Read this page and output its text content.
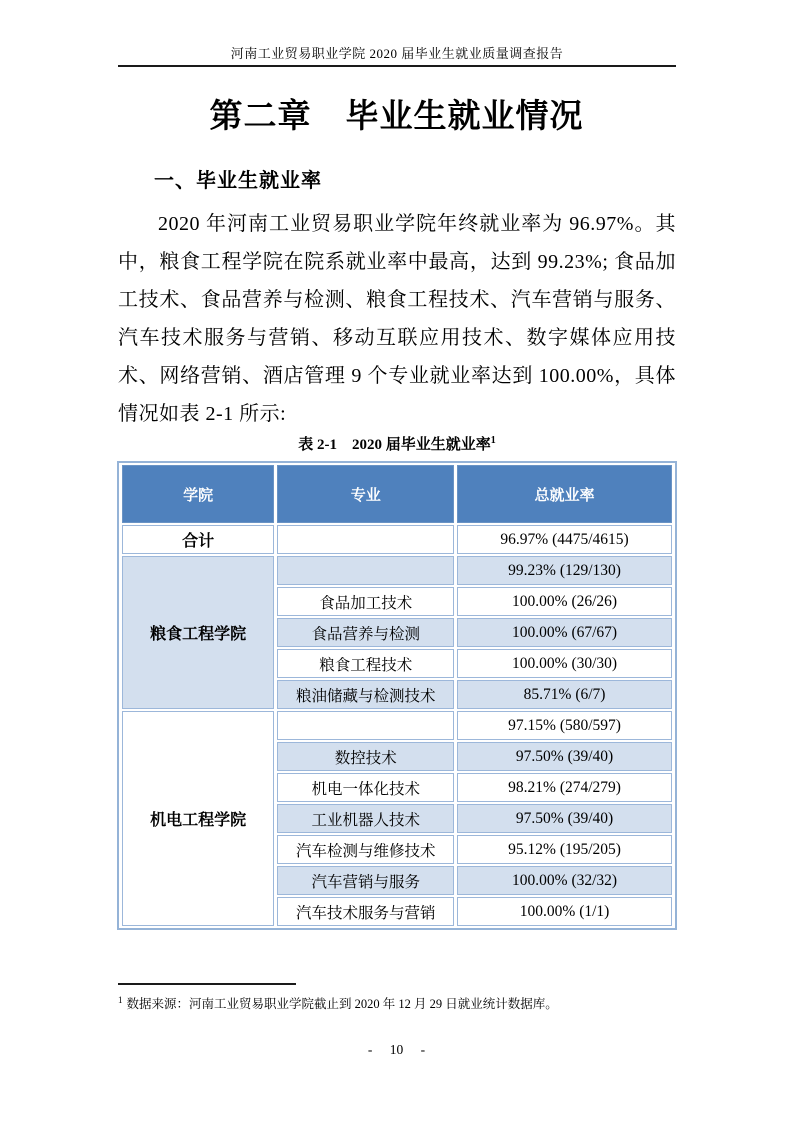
河南工业贸易职业学院 2020 届毕业生就业质量调查报告
第二章　毕业生就业情况
一、毕业生就业率
2020 年河南工业贸易职业学院年终就业率为 96.97%。其中，粮食工程学院在院系就业率中最高，达到 99.23%; 食品加工技术、食品营养与检测、粮食工程技术、汽车营销与服务、汽车技术服务与营销、移动互联应用技术、数字媒体应用技术、网络营销、酒店管理 9 个专业就业率达到 100.00%，具体情况如表 2-1 所示:
表 2-1　2020 届毕业生就业率$^1$
学院	专业	总就业率
合计		96.97% (4475/4615)
粮食工程学院		99.23% (129/130)
	食品加工技术	100.00% (26/26)
	食品营养与检测	100.00% (67/67)
	粮食工程技术	100.00% (30/30)
	粮油储藏与检测技术	85.71% (6/7)
机电工程学院		97.15% (580/597)
	数控技术	97.50% (39/40)
	机电一体化技术	98.21% (274/279)
	工业机器人技术	97.50% (39/40)
	汽车检测与维修技术	95.12% (195/205)
	汽车营销与服务	100.00% (32/32)
	汽车技术服务与营销	100.00% (1/1)
$^1$ 数据来源：河南工业贸易职业学院截止到 2020 年 12 月 29 日就业统计数据库。
- 10 -
